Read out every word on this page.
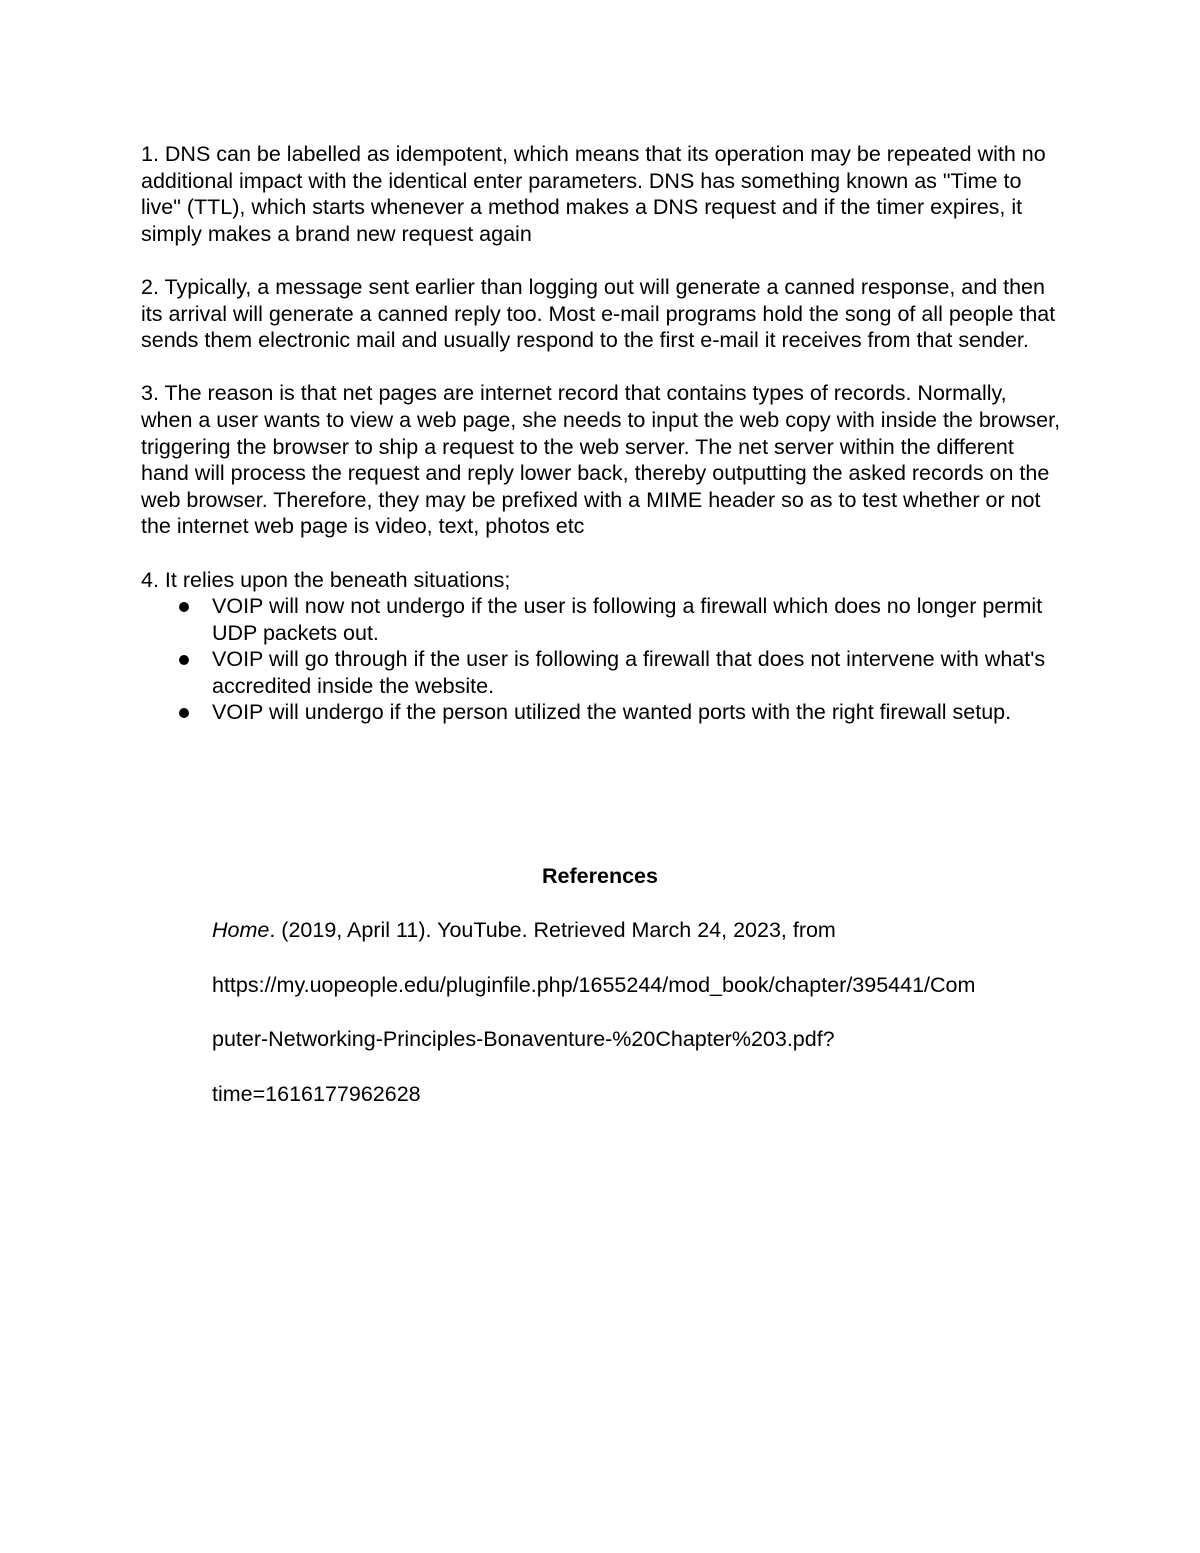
1. DNS can be labelled as idempotent, which means that its operation may be repeated with no additional impact with the identical enter parameters. DNS has something known as "Time to live" (TTL), which starts whenever a method makes a DNS request and if the timer expires, it simply makes a brand new request again

2. Typically, a message sent earlier than logging out will generate a canned response, and then its arrival will generate a canned reply too. Most e-mail programs hold the song of all people that sends them electronic mail and usually respond to the first e-mail it receives from that sender.

3. The reason is that net pages are internet record that contains types of records. Normally, when a user wants to view a web page, she needs to input the web copy with inside the browser, triggering the browser to ship a request to the web server. The net server within the different hand will process the request and reply lower back, thereby outputting the asked records on the web browser. Therefore, they may be prefixed with a MIME header so as to test whether or not the internet web page is video, text, photos etc

4. It relies upon the beneath situations;

VOIP will now not undergo if the user is following a firewall which does no longer permit UDP packets out.
VOIP will go through if the user is following a firewall that does not intervene with what's accredited inside the website.
VOIP will undergo if the person utilized the wanted ports with the right firewall setup.

References

Home. (2019, April 11). YouTube. Retrieved March 24, 2023, from

https://my.uopeople.edu/pluginfile.php/1655244/mod_book/chapter/395441/Com

puter-Networking-Principles-Bonaventure-%20Chapter%203.pdf?

time=1616177962628
